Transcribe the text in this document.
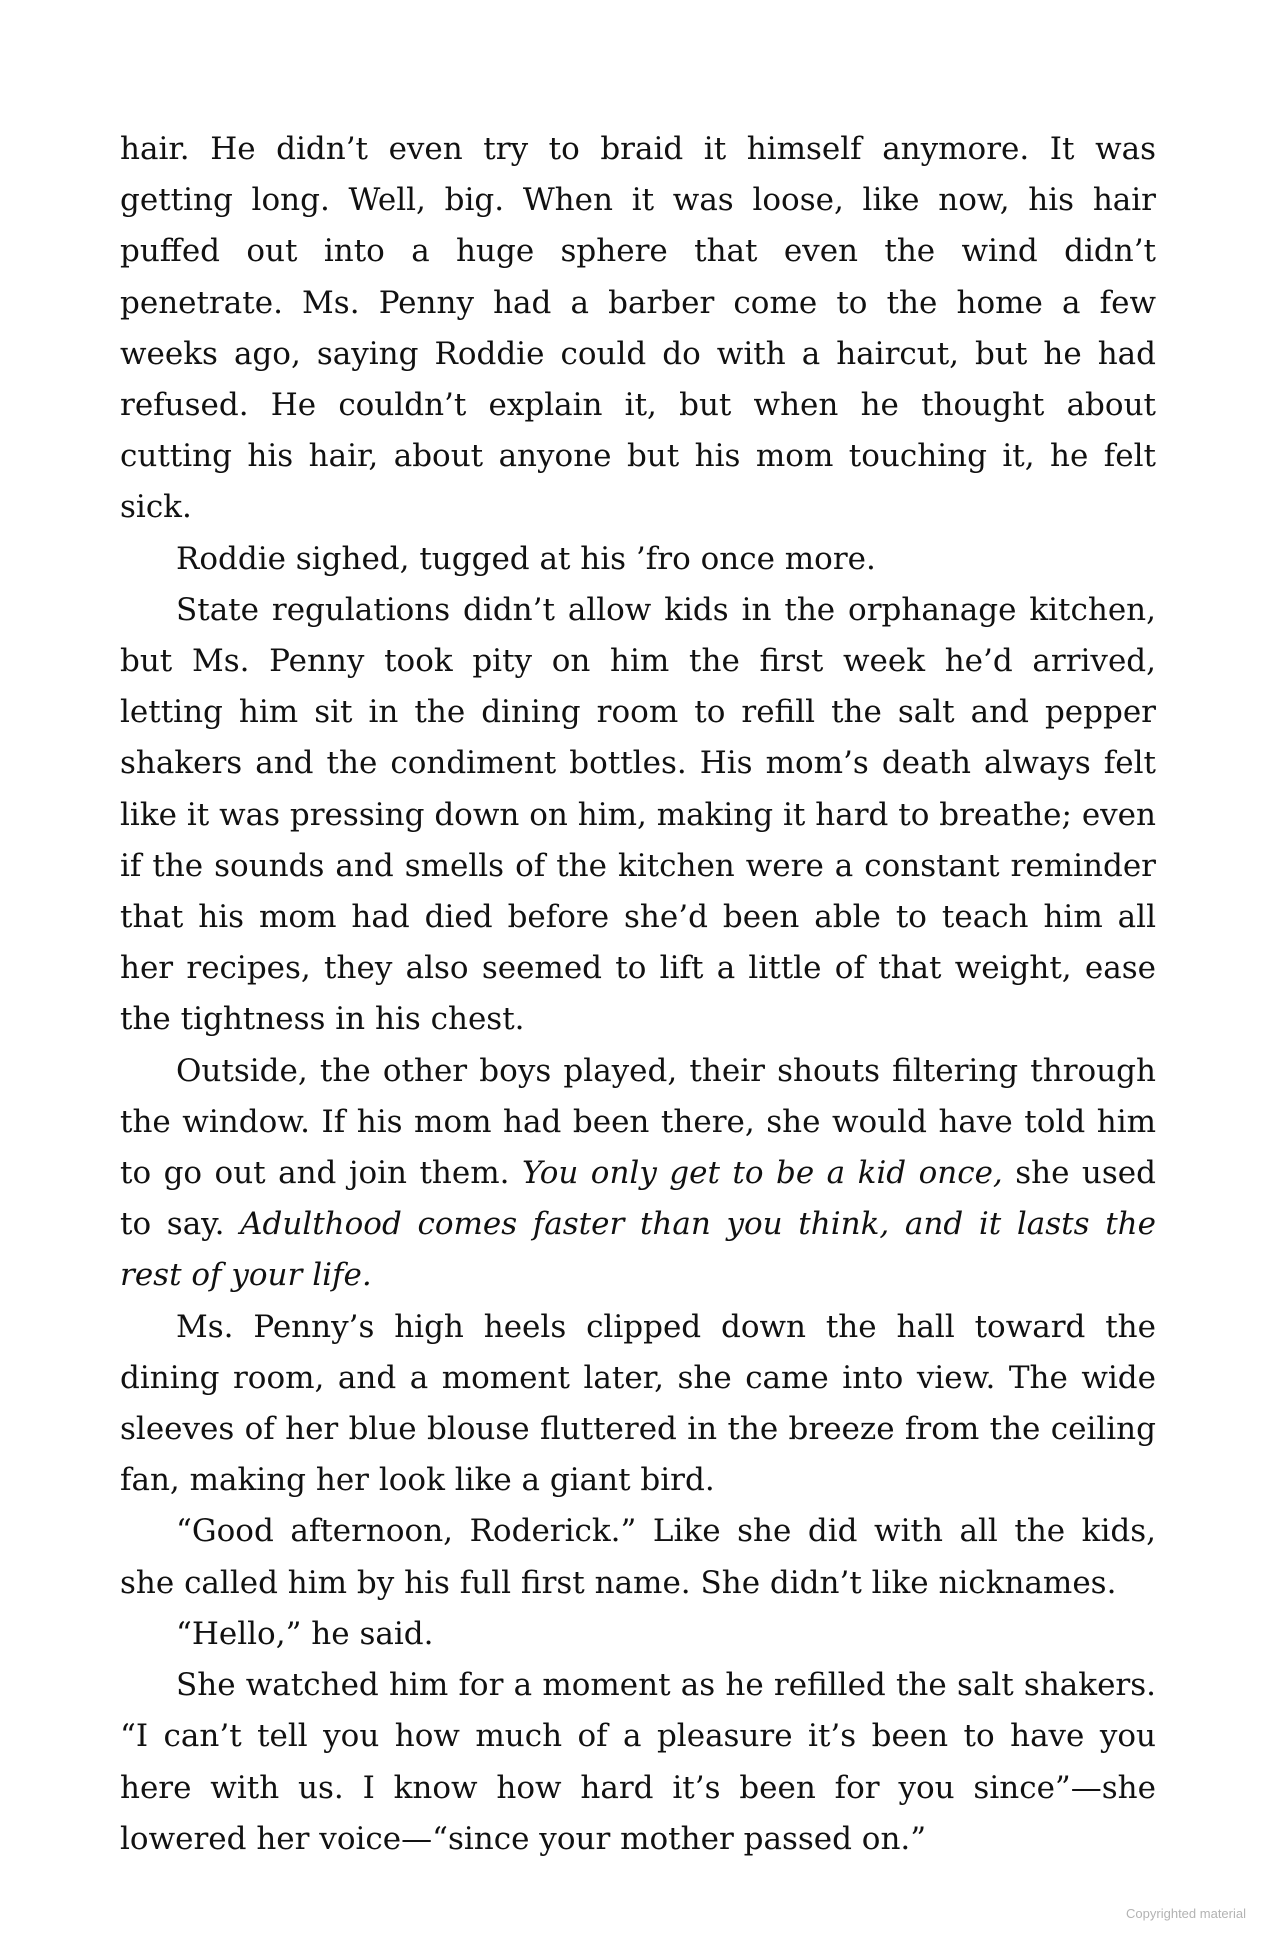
hair. He didn’t even try to braid it himself anymore. It was getting long. Well, big. When it was loose, like now, his hair puffed out into a huge sphere that even the wind didn’t penetrate. Ms. Penny had a barber come to the home a few weeks ago, saying Roddie could do with a haircut, but he had refused. He couldn’t explain it, but when he thought about cutting his hair, about anyone but his mom touching it, he felt sick.

Roddie sighed, tugged at his ’fro once more.

State regulations didn’t allow kids in the orphanage kitchen, but Ms. Penny took pity on him the first week he’d arrived, letting him sit in the dining room to refill the salt and pepper shakers and the condiment bottles. His mom’s death always felt like it was pressing down on him, making it hard to breathe; even if the sounds and smells of the kitchen were a constant reminder that his mom had died before she’d been able to teach him all her recipes, they also seemed to lift a little of that weight, ease the tightness in his chest.

Outside, the other boys played, their shouts filtering through the window. If his mom had been there, she would have told him to go out and join them. You only get to be a kid once, she used to say. Adulthood comes faster than you think, and it lasts the rest of your life.

Ms. Penny’s high heels clipped down the hall toward the dining room, and a moment later, she came into view. The wide sleeves of her blue blouse fluttered in the breeze from the ceiling fan, making her look like a giant bird.

“Good afternoon, Roderick.” Like she did with all the kids, she called him by his full first name. She didn’t like nicknames.

“Hello,” he said.

She watched him for a moment as he refilled the salt shakers. “I can’t tell you how much of a pleasure it’s been to have you here with us. I know how hard it’s been for you since”—she lowered her voice—“since your mother passed on.”

Copyrighted material
